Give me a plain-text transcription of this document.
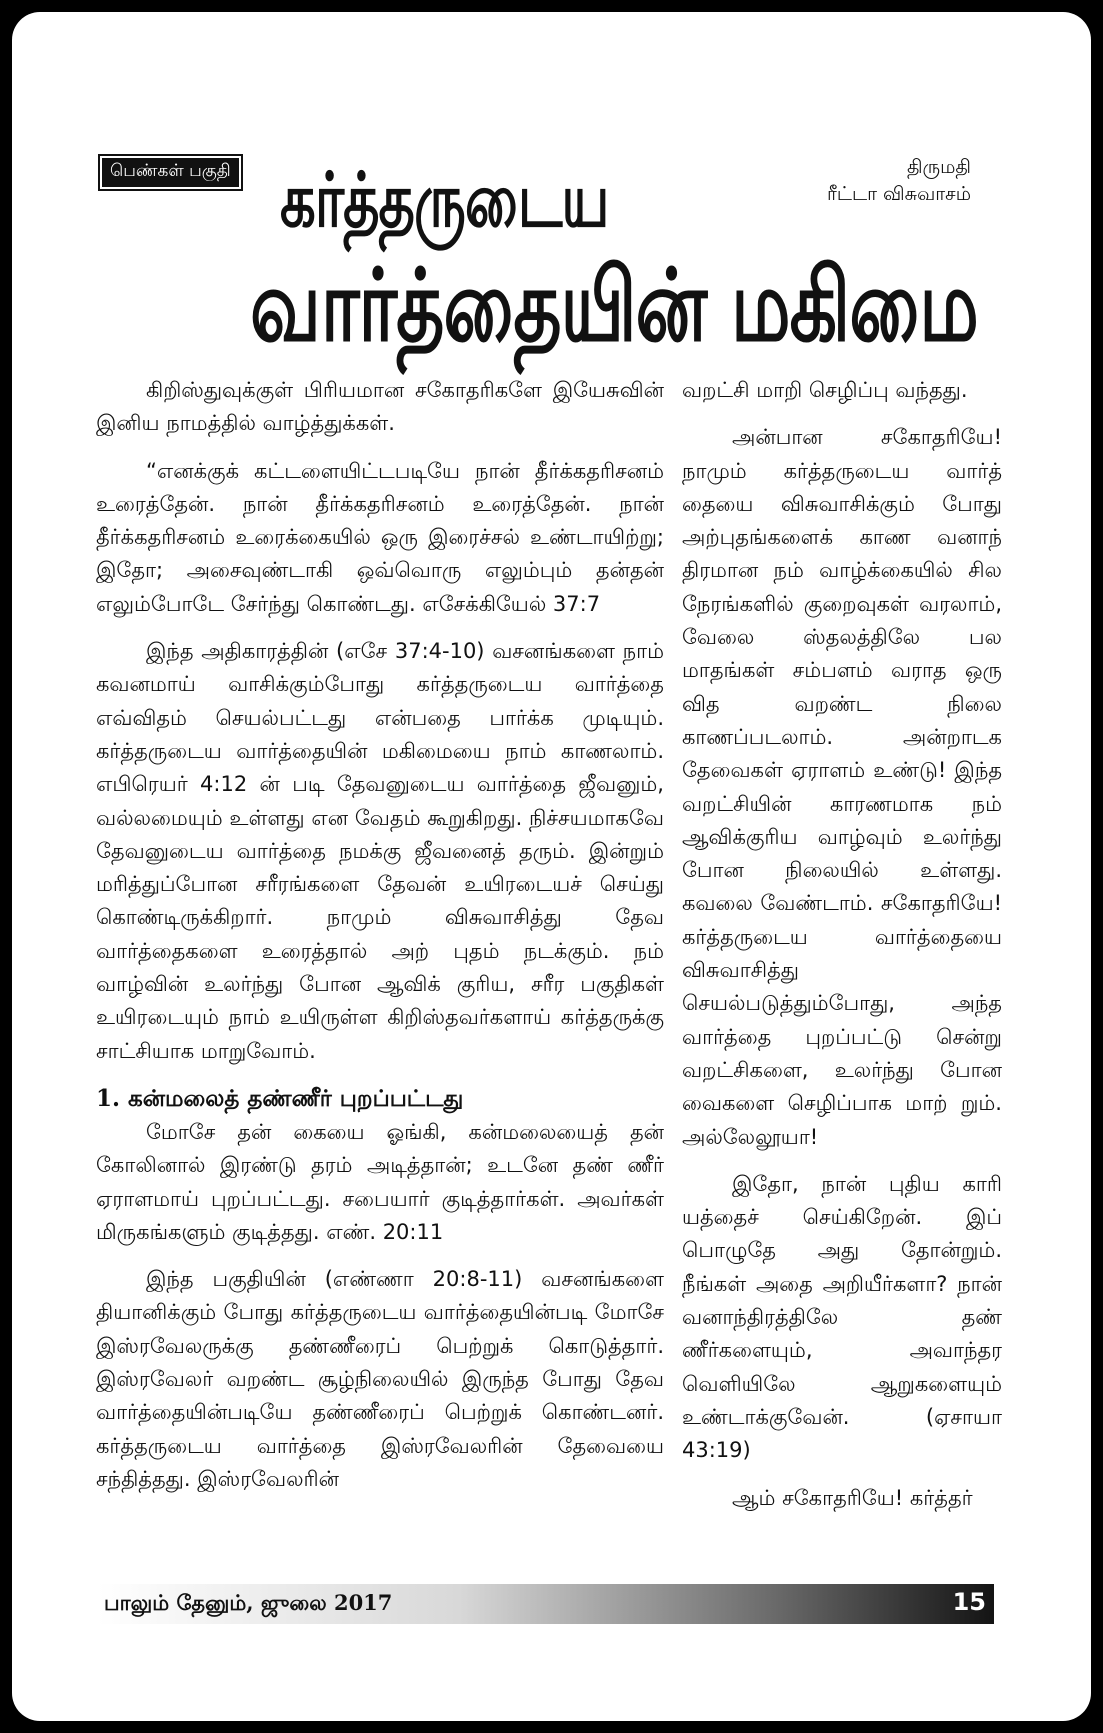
பெண்கள் பகுதி கர்த்தருடைய
வார்த்தையின் மகிமை
திருமதி
ரீட்டா விசுவாசம்

கிறிஸ்துவுக்குள் பிரியமான சகோதரிகளே இயேசுவின் இனிய நாமத்தில் வாழ்த்துக்கள்.

“எனக்குக் கட்டளையிட்டபடியே நான் தீர்க்கதரிசனம் உரைத்தேன். நான் தீர்க்கதரிசனம் உரைத்தேன். நான் தீர்க்கதரிசனம் உரைக்கையில் ஒரு இரைச்சல் உண்டாயிற்று; இதோ; அசைவுண்டாகி ஒவ்வொரு எலும்பும் தன்தன் எலும்போடே சேர்ந்து கொண்டது. எசேக்கியேல் 37:7

இந்த அதிகாரத்தின் (எசே 37:4-10) வசனங்களை நாம் கவனமாய் வாசிக்கும்போது கர்த்தருடைய வார்த்தை எவ்விதம் செயல்பட்டது என்பதை பார்க்க முடியும். கர்த்தருடைய வார்த்தையின் மகிமையை நாம் காணலாம். எபிரெயர் 4:12 ன் படி தேவனுடைய வார்த்தை ஜீவனும், வல்லமையும் உள்ளது என வேதம் கூறுகிறது. நிச்சயமாகவே தேவனுடைய வார்த்தை நமக்கு ஜீவனைத் தரும். இன்றும் மரித்துப்போன சரீரங்களை தேவன் உயிரடையச் செய்து கொண்டிருக்கிறார். நாமும் விசுவாசித்து தேவ வார்த்தைகளை உரைத்தால் அற் புதம் நடக்கும். நம் வாழ்வின் உலர்ந்து போன ஆவிக் குரிய, சரீர பகுதிகள் உயிரடையும் நாம் உயிருள்ள கிறிஸ்தவர்களாய் கர்த்தருக்கு சாட்சியாக மாறுவோம்.

1. கன்மலைத் தண்ணீர் புறப்பட்டது

மோசே தன் கையை ஓங்கி, கன்மலையைத் தன் கோலினால் இரண்டு தரம் அடித்தான்; உடனே தண் ணீர் ஏராளமாய் புறப்பட்டது. சபையார் குடித்தார்கள். அவர்கள் மிருகங்களும் குடித்தது. எண். 20:11

இந்த பகுதியின் (எண்ணா 20:8-11) வசனங்களை தியானிக்கும் போது கர்த்தருடைய வார்த்தையின்படி மோசே இஸ்ரவேலருக்கு தண்ணீரைப் பெற்றுக் கொடுத்தார். இஸ்ரவேலர் வறண்ட சூழ்நிலையில் இருந்த போது தேவ வார்த்தையின்படியே தண்ணீரைப் பெற்றுக் கொண்டனர். கர்த்தருடைய வார்த்தை இஸ்ரவேலரின் தேவையை சந்தித்தது. இஸ்ரவேலரின்

வறட்சி மாறி செழிப்பு வந்தது.

அன்பான சகோதரியே! நாமும் கர்த்தருடைய வார்த் தையை விசுவாசிக்கும் போது அற்புதங்களைக் காண வனாந் திரமான நம் வாழ்க்கையில் சில நேரங்களில் குறைவுகள் வரலாம், வேலை ஸ்தலத்திலே பல மாதங்கள் சம்பளம் வராத ஒரு வித வறண்ட நிலை காணப்படலாம். அன்றாடக தேவைகள் ஏராளம் உண்டு! இந்த வறட்சியின் காரணமாக நம் ஆவிக்குரிய வாழ்வும் உலர்ந்து போன நிலையில் உள்ளது. கவலை வேண்டாம். சகோதரியே! கர்த்தருடைய வார்த்தையை விசுவாசித்து செயல்படுத்தும்போது, அந்த வார்த்தை புறப்பட்டு சென்று வறட்சிகளை, உலர்ந்து போன வைகளை செழிப்பாக மாற் றும். அல்லேலூயா!

இதோ, நான் புதிய காரி யத்தைச் செய்கிறேன். இப் பொழுதே அது தோன்றும். நீங்கள் அதை அறியீர்களா? நான் வனாந்திரத்திலே தண் ணீர்களையும், அவாந்தர வெளியிலே ஆறுகளையும் உண்டாக்குவேன். (ஏசாயா 43:19)

ஆம் சகோதரியே! கர்த்தர்

பாலும் தேனும், ஜுலை 2017	15
